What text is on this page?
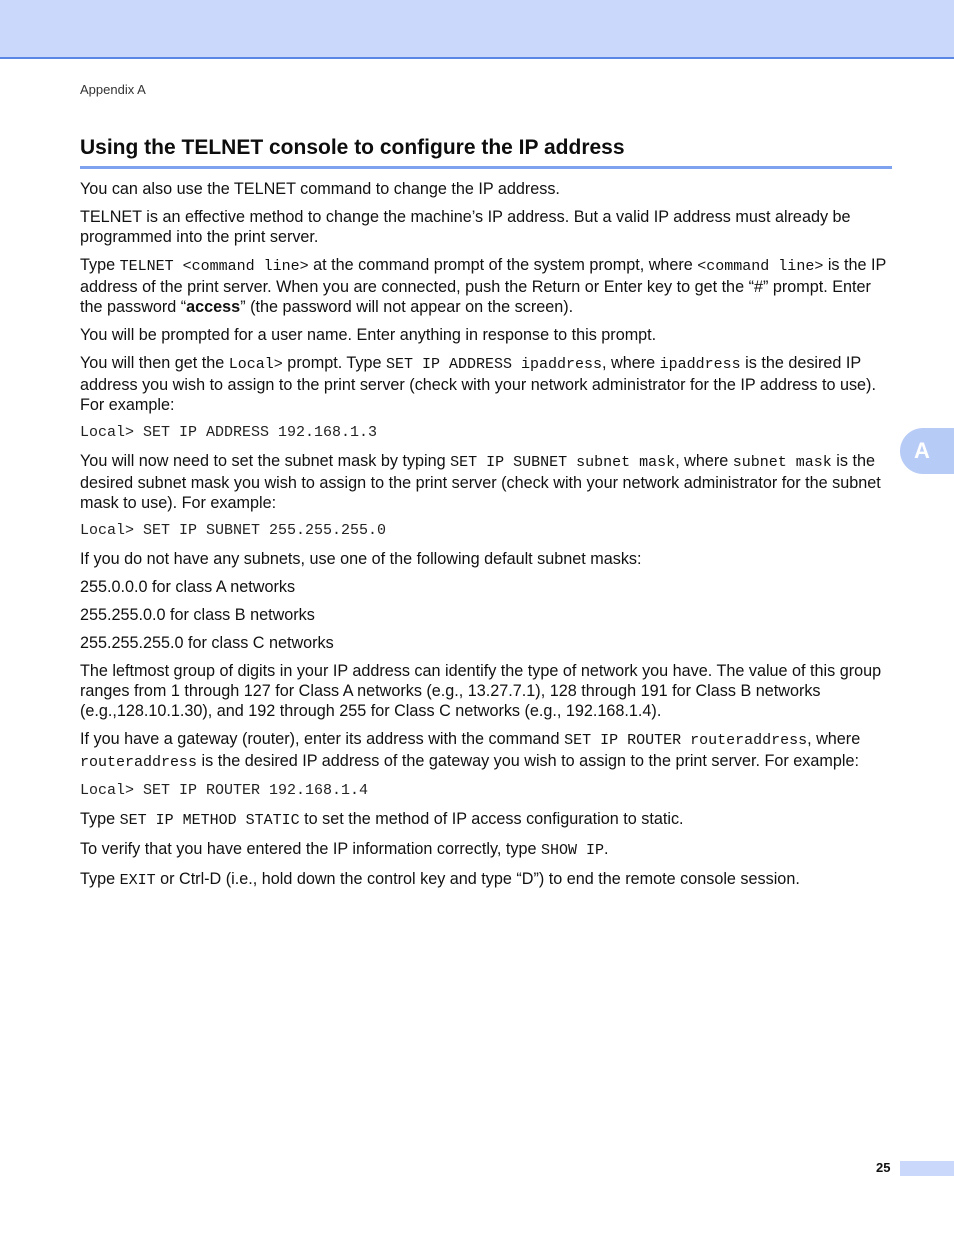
Appendix A
Using the TELNET console to configure the IP address
A

You can also use the TELNET command to change the IP address.

TELNET is an effective method to change the machine’s IP address. But a valid IP address must already be programmed into the print server.

Type TELNET <command line> at the command prompt of the system prompt, where <command line> is the IP address of the print server. When you are connected, push the Return or Enter key to get the “#” prompt. Enter the password “access” (the password will not appear on the screen).

You will be prompted for a user name. Enter anything in response to this prompt.

You will then get the Local> prompt. Type SET IP ADDRESS ipaddress, where ipaddress is the desired IP address you wish to assign to the print server (check with your network administrator for the IP address to use). For example:

Local> SET IP ADDRESS 192.168.1.3

You will now need to set the subnet mask by typing SET IP SUBNET subnet mask, where subnet mask is the desired subnet mask you wish to assign to the print server (check with your network administrator for the subnet mask to use). For example:

Local> SET IP SUBNET 255.255.255.0

If you do not have any subnets, use one of the following default subnet masks:

255.0.0.0 for class A networks

255.255.0.0 for class B networks

255.255.255.0 for class C networks

The leftmost group of digits in your IP address can identify the type of network you have. The value of this group ranges from 1 through 127 for Class A networks (e.g., 13.27.7.1), 128 through 191 for Class B networks (e.g.,128.10.1.30), and 192 through 255 for Class C networks (e.g., 192.168.1.4).

If you have a gateway (router), enter its address with the command SET IP ROUTER routeraddress, where routeraddress is the desired IP address of the gateway you wish to assign to the print server. For example:

Local> SET IP ROUTER 192.168.1.4

Type SET IP METHOD STATIC to set the method of IP access configuration to static.

To verify that you have entered the IP information correctly, type SHOW IP.

Type EXIT or Ctrl-D (i.e., hold down the control key and type “D”) to end the remote console session.

25
